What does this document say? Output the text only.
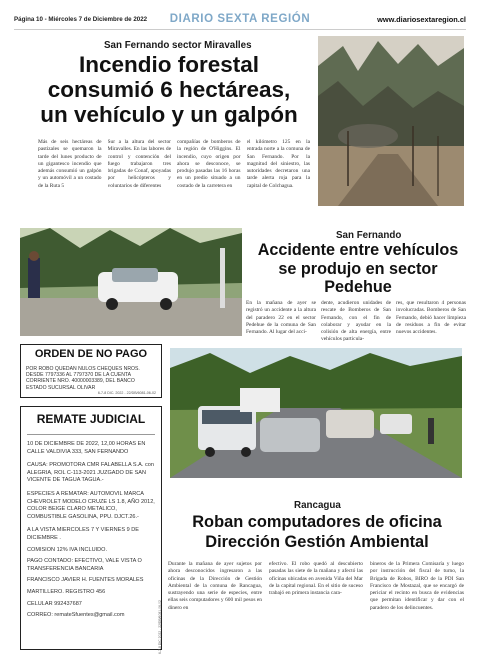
Página 10 - Miércoles 7 de Diciembre de 2022	DIARIO SEXTA REGIÓN	www.diariosextaregion.cl
San Fernando sector Miravalles
Incendio forestal consumió 6 hectáreas, un vehículo y un galpón

Más de seis hectáreas de pastizales se quemaron la tarde del lunes producto de un gigantesco incendio que además consumió un galpón y un automóvil a un costado de la Ruta 5

Sur a la altura del sector Miravalles. En las labores de control y contención del fuego trabajaron tres brigadas de Conaf, apoyadas por helicópteros y voluntarios de diferentes

compañías de bomberos de la región de O'Higgins. El incendio, cuyo origen por ahora se desconoce, se produjo pasadas las 16 horas en un predio situado a un costado de la carretera en

el kilómetro 125 en la entrada norte a la comuna de San Fernando. Por la magnitud del siniestro, las autoridades decretaron una tarde alerta roja para la capital de Colchagua.

San Fernando
Accidente entre vehículos se produjo en sector Pedehue

En la mañana de ayer se registró un accidente a la altura del paradero 22 en el sector Pedehue de la comuna de San Fernando. Al lugar del acci-

dente, acudieron unidades de rescate de Bomberos de San Fernando, con el fin de colaborar y ayudar en la colisión de alta energía, entre vehículos particula-

res, que resultaron 4 personas involucradas. Bomberos de San Fernando, debió hacer limpieza de residuos a fin de evitar nuevos accidentes.

ORDEN DE NO PAGO
POR ROBO QUEDAN NULOS CHEQUES NROS. DESDE 7797336 AL 7797370 DE LA CUENTA CORRIENTE NRO. 40000003389, DEL BANCO ESTADO SUCURSAL OLIVAR
6-7-8 DIC. 2022 - 22/DB/6081-06-02
REMATE JUDICIAL
10 DE DICIEMBRE DE 2022, 12,00 HORAS EN CALLE VALDIVIA 333, SAN FERNANDO
CAUSA: PROMOTORA CMR FALABELLA S.A. con ALEGRIA, ROL C-113-2021 JUZGADO DE SAN VICENTE DE TAGUA TAGUA.-
ESPECIES A REMATAR: AUTOMOVIL MARCA CHEVROLET MODELO CRUZE LS 1.8, AÑO 2012, COLOR BEIGE CLARO METALICO, COMBUSTIBLE GASOLINA, PPU. DJCT.26.-
A LA VISTA MIERCOLES 7 Y VIERNES 9 DE DICIEMBRE .
COMISION 12% IVA INCLUIDO.
PAGO CONTADO: EFECTIVO, VALE VISTA O TRANSFERENCIA BANCARIA
FRANCISCO JAVIER H. FUENTES MORALES
MARTILLERO. REGISTRO 456
CELULAR 992437687
CORREO: remateSfuentes@gmail.com
Rancagua
Roban computadores de oficina Dirección Gestión Ambiental
6-7-8 DIC 2022 - 22/DB/6081-06-02

Durante la mañana de ayer sujetos por ahora desconocidos ingresaron a las oficinas de la Dirección de Gestión Ambiental de la comuna de Rancagua, sustrayendo una serie de especies, entre ellas seis computadores y 600 mil pesos en dinero en

efectivo. El robo quedó al descubierto pasadas las siete de la mañana y afectó las oficinas ubicadas en avenida Viña del Mar de la capital regional. En el sitio de suceso trabajó en primera instancia cara-

bineros de la Primera Comisaría y luego por instrucción del fiscal de turno, la Brigada de Robos, BIRO de la PDI San Francisco de Mostazal, que se encargó de periciar el recinto en busca de evidencias que permitan identificar y dar con el paradero de los delincuentes.
